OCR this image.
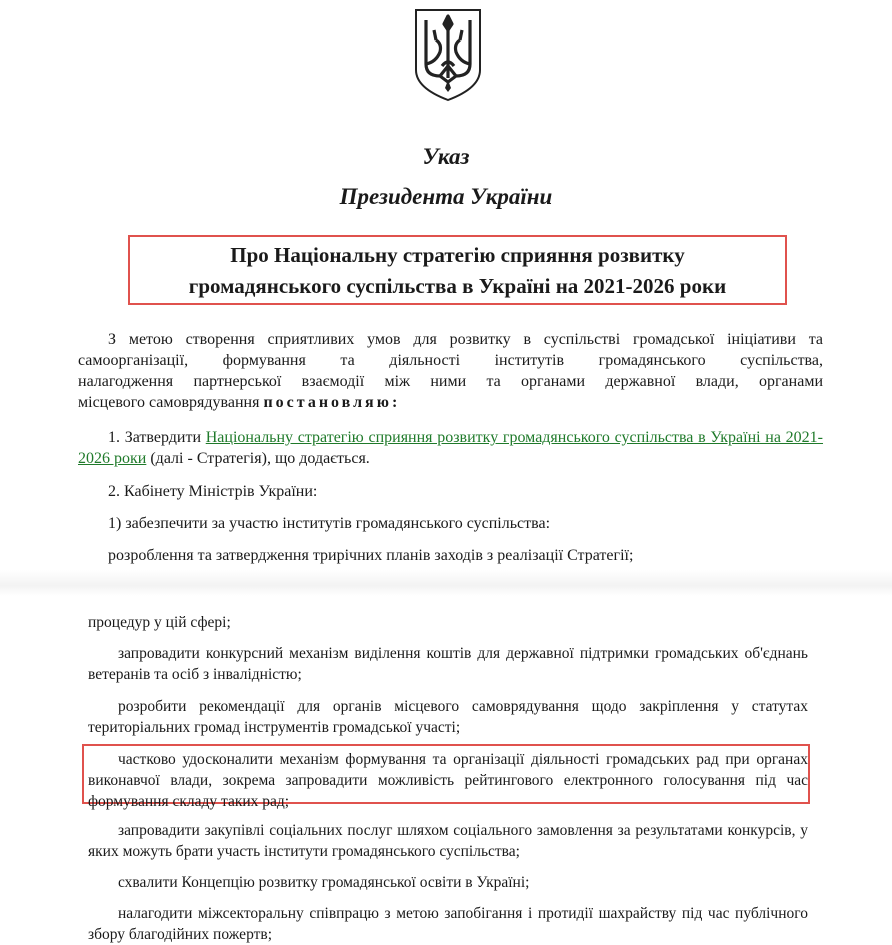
Указ
Президента України
Про Національну стратегію сприяння розвитку
громадянського суспільства в Україні на 2021-2026 роки
З метою створення сприятливих умов для розвитку в суспільстві громадської ініціативи та
самоорганізації, формування та діяльності інститутів громадянського суспільства,
налагодження партнерської взаємодії між ними та органами державної влади, органами
місцевого самоврядування постановляю:
1. Затвердити Національну стратегію сприяння розвитку громадянського суспільства в Україні на 2021-2026 роки (далі - Стратегія), що додається.
2. Кабінету Міністрів України:
1) забезпечити за участю інститутів громадянського суспільства:
розроблення та затвердження трирічних планів заходів з реалізації Стратегії;
процедур у цій сфері;
запровадити конкурсний механізм виділення коштів для державної підтримки громадських об'єднань ветеранів та осіб з інвалідністю;
розробити рекомендації для органів місцевого самоврядування щодо закріплення у статутах територіальних громад інструментів громадської участі;
частково удосконалити механізм формування та організації діяльності громадських рад при органах виконавчої влади, зокрема запровадити можливість рейтингового електронного голосування під час формування складу таких рад;
запровадити закупівлі соціальних послуг шляхом соціального замовлення за результатами конкурсів, у яких можуть брати участь інститути громадянського суспільства;
схвалити Концепцію розвитку громадянської освіти в Україні;
налагодити міжсекторальну співпрацю з метою запобігання і протидії шахрайству під час публічного збору благодійних пожертв;
